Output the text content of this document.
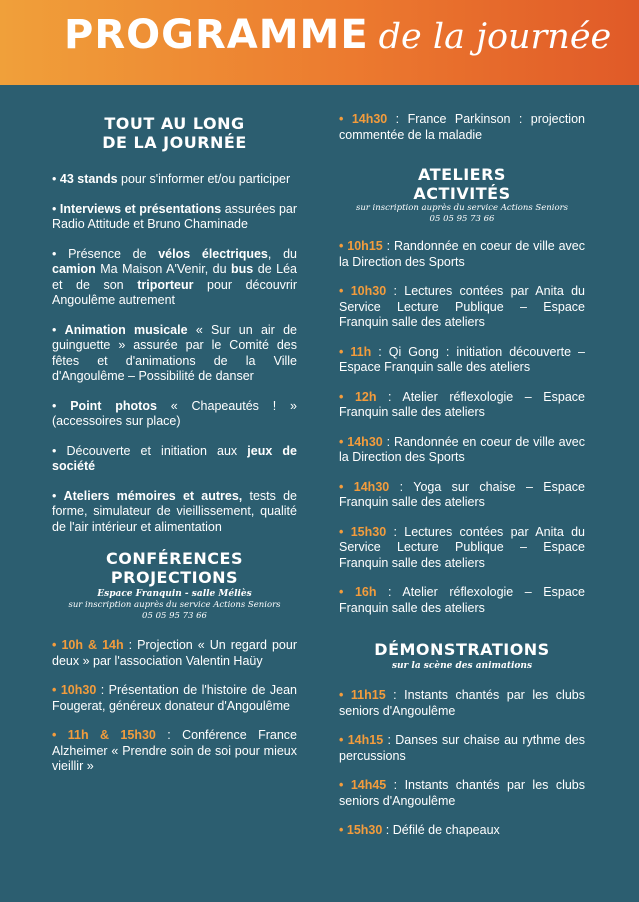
PROGRAMME de la journée
TOUT AU LONG
DE LA JOURNÉE
• 43 stands pour s'informer et/ou participer
• Interviews et présentations assurées par Radio Attitude et Bruno Chaminade
• Présence de vélos électriques, du camion Ma Maison A'Venir, du bus de Léa et de son triporteur pour découvrir Angoulême autrement
• Animation musicale « Sur un air de guinguette » assurée par le Comité des fêtes et d'animations de la Ville d'Angoulême – Possibilité de danser
• Point photos « Chapeautés ! » (accessoires sur place)
• Découverte et initiation aux jeux de société
• Ateliers mémoires et autres, tests de forme, simulateur de vieillissement, qualité de l'air intérieur et alimentation
CONFÉRENCES
PROJECTIONS
Espace Franquin - salle Méliès
sur inscription auprès du service Actions Seniors
05 05 95 73 66
• 10h & 14h : Projection « Un regard pour deux » par l'association Valentin Haüy
• 10h30 : Présentation de l'histoire de Jean Fougerat, généreux donateur d'Angoulême
• 11h & 15h30 : Conférence France Alzheimer « Prendre soin de soi pour mieux vieillir »
• 14h30 : France Parkinson : projection commentée de la maladie
ATELIERS
ACTIVITÉS
sur inscription auprès du service Actions Seniors
05 05 95 73 66
• 10h15 : Randonnée en coeur de ville avec la Direction des Sports
• 10h30 : Lectures contées par Anita du Service Lecture Publique – Espace Franquin salle des ateliers
• 11h : Qi Gong : initiation découverte – Espace Franquin salle des ateliers
• 12h : Atelier réflexologie – Espace Franquin salle des ateliers
• 14h30 : Randonnée en coeur de ville avec la Direction des Sports
• 14h30 : Yoga sur chaise – Espace Franquin salle des ateliers
• 15h30 : Lectures contées par Anita du Service Lecture Publique – Espace Franquin salle des ateliers
• 16h : Atelier réflexologie – Espace Franquin salle des ateliers
DÉMONSTRATIONS
sur la scène des animations
• 11h15 : Instants chantés par les clubs seniors d'Angoulême
• 14h15 : Danses sur chaise au rythme des percussions
• 14h45 : Instants chantés par les clubs seniors d'Angoulême
• 15h30 : Défilé de chapeaux
